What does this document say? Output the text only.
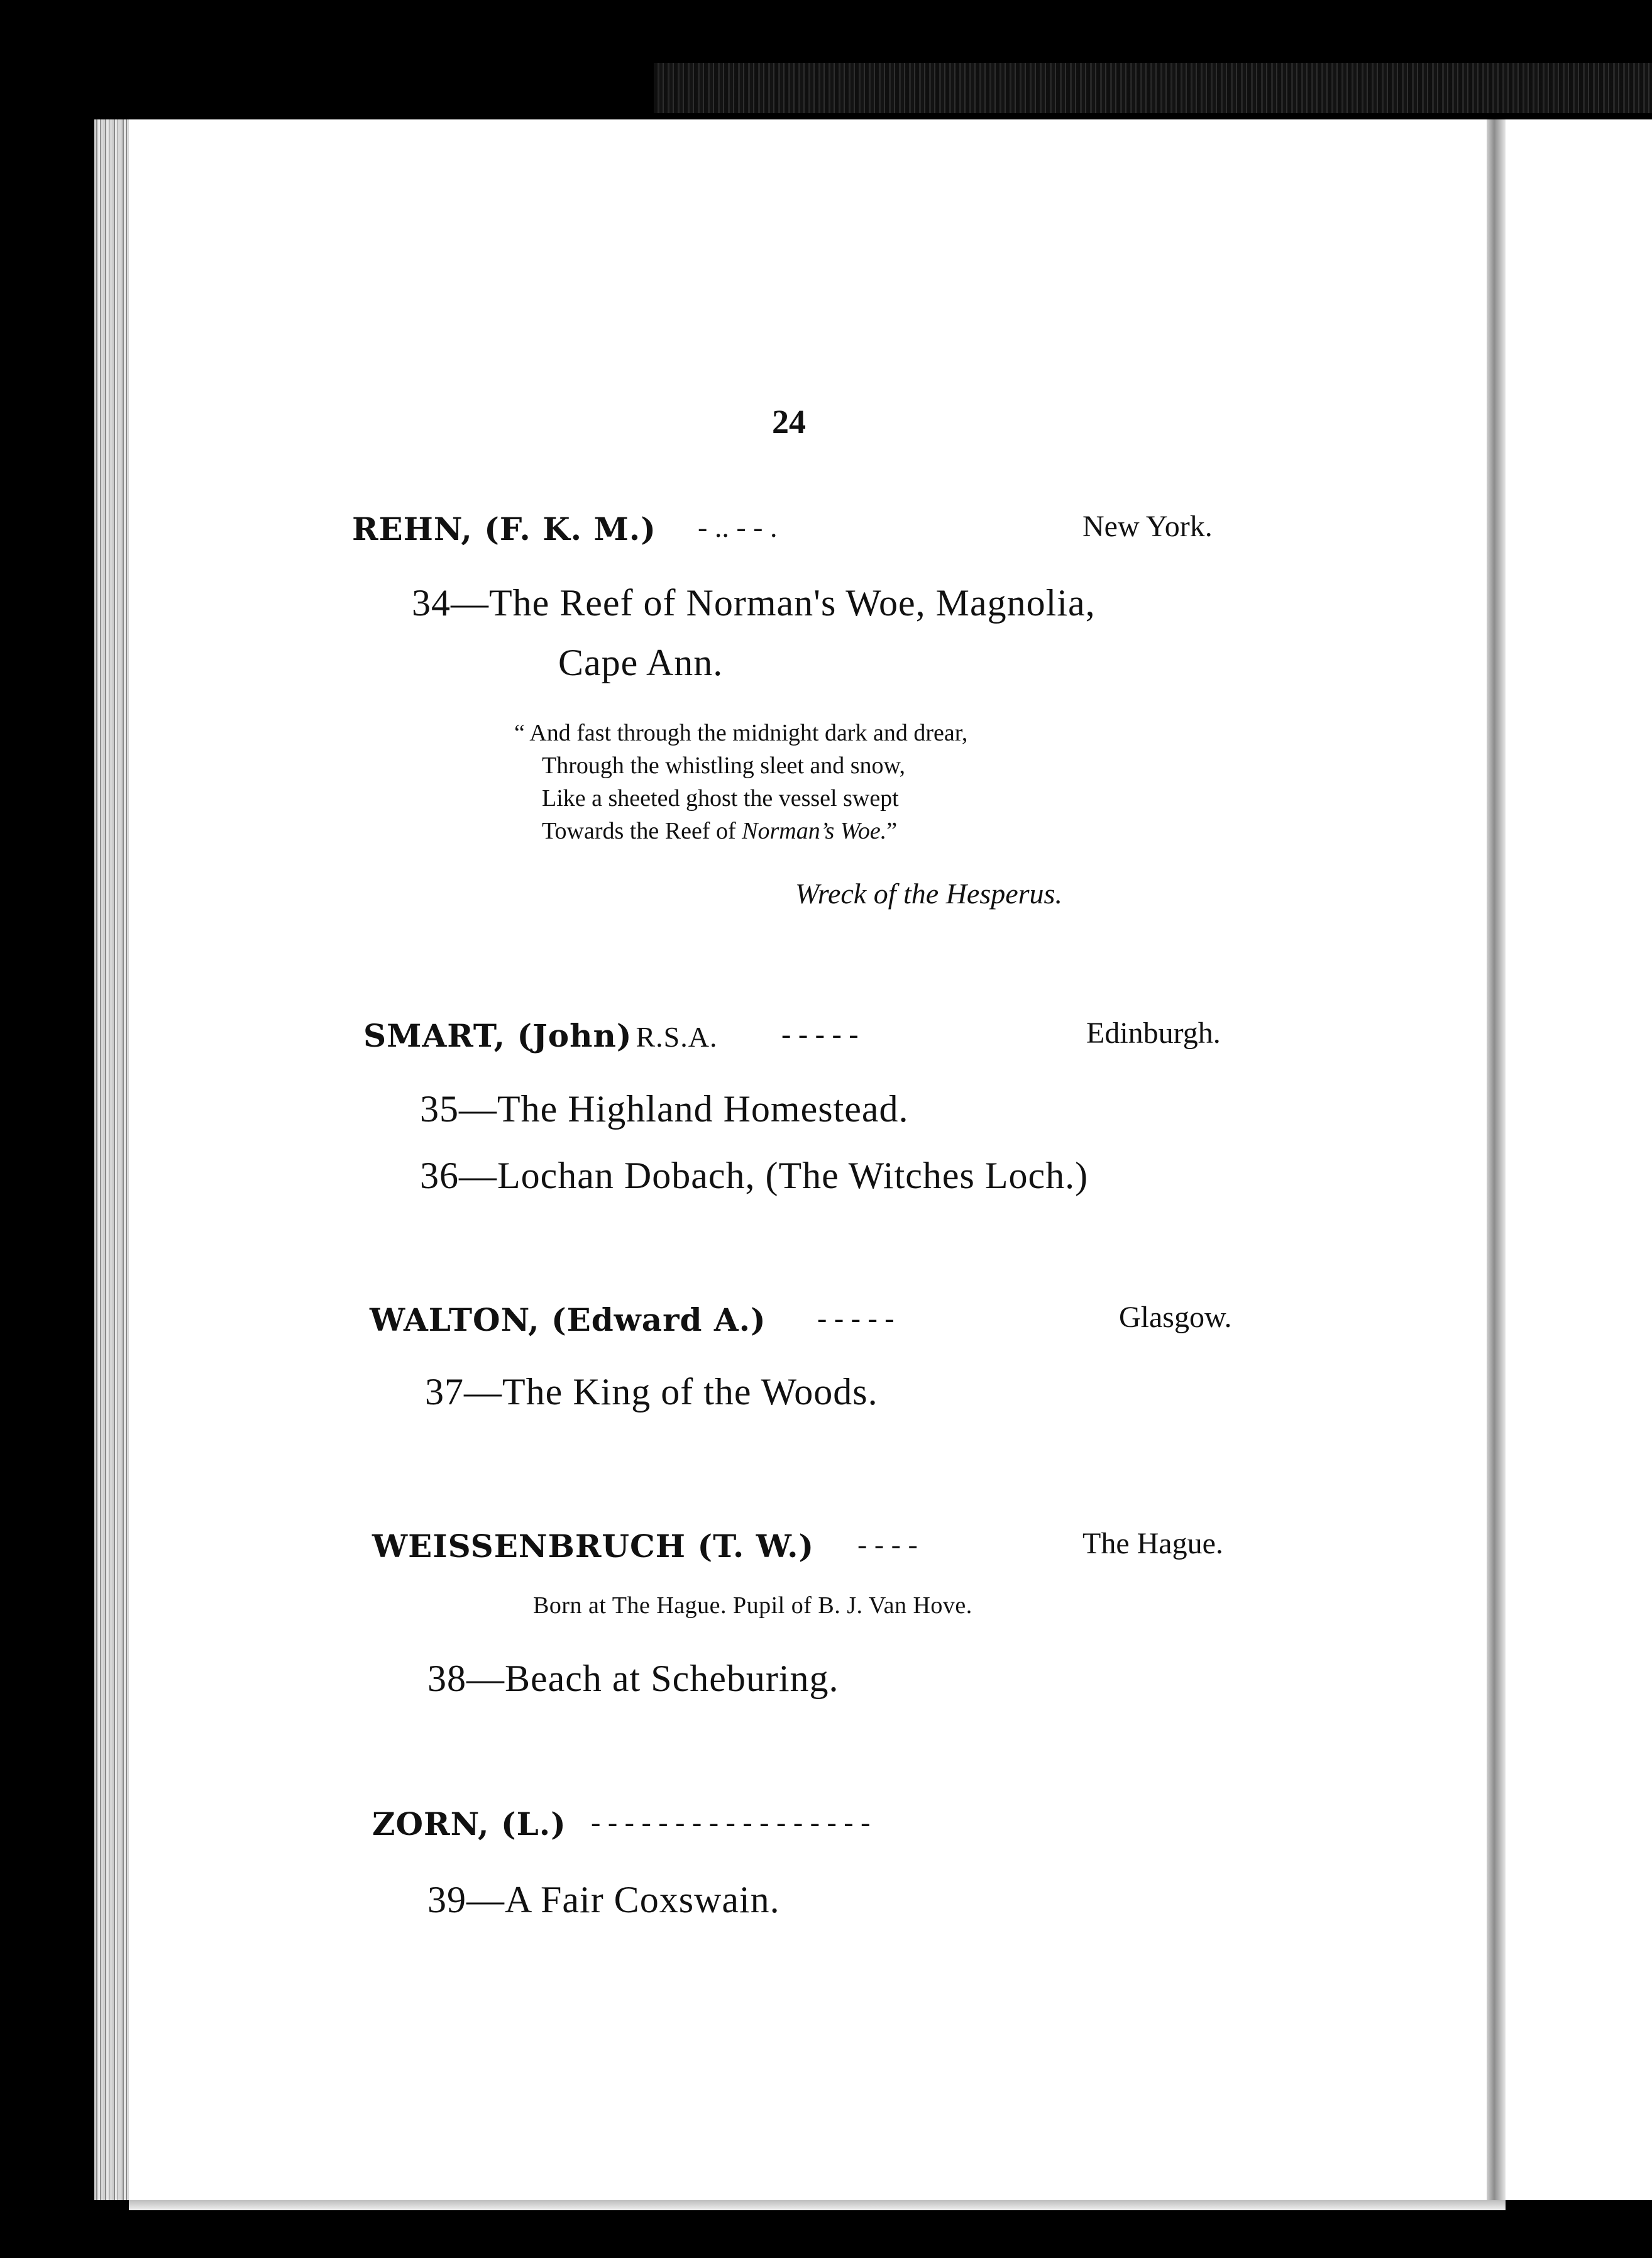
24
REHN, (F. K. M.) - .. - - .	New York.
34—The Reef of Norman's Woe, Magnolia,
Cape Ann.
“ And fast through the midnight dark and drear,
Through the whistling sleet and snow,
Like a sheeted ghost the vessel swept
Towards the Reef of Norman’s Woe.”
Wreck of the Hesperus.
SMART, (John) R.S.A. - - - - -	Edinburgh.
35—The Highland Homestead.
36—Lochan Dobach, (The Witches Loch.)
WALTON, (Edward A.) - - - - -	Glasgow.
37—The King of the Woods.
WEISSENBRUCH (T. W.) - - - -	The Hague.
Born at The Hague. Pupil of B. J. Van Hove.
38—Beach at Scheburing.
ZORN, (L.) - - - - - - - - - - - - - - - - -
39—A Fair Coxswain.
